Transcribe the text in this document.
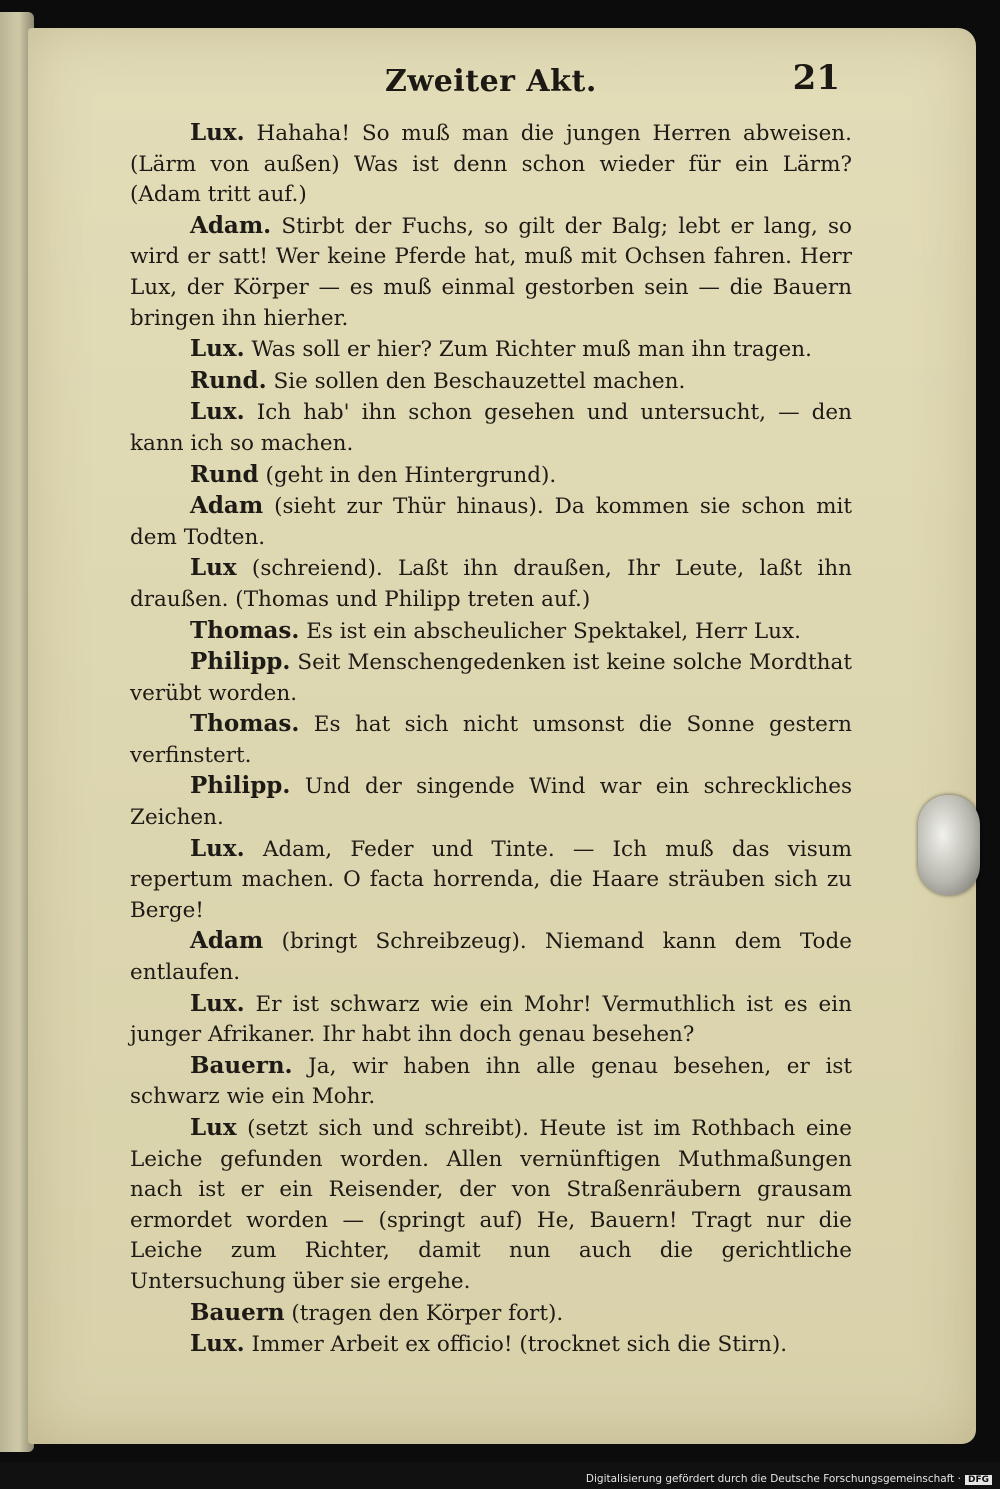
Zweiter Akt.	21

Lux. Hahaha! So muß man die jungen Herren abweisen. (Lärm von außen) Was ist denn schon wieder für ein Lärm? (Adam tritt auf.)

Adam. Stirbt der Fuchs, so gilt der Balg; lebt er lang, so wird er satt! Wer keine Pferde hat, muß mit Ochsen fahren. Herr Lux, der Körper — es muß einmal gestorben sein — die Bauern bringen ihn hierher.

Lux. Was soll er hier? Zum Richter muß man ihn tragen.

Rund. Sie sollen den Beschauzettel machen.

Lux. Ich hab' ihn schon gesehen und untersucht, — den kann ich so machen.

Rund (geht in den Hintergrund).

Adam (sieht zur Thür hinaus). Da kommen sie schon mit dem Todten.

Lux (schreiend). Laßt ihn draußen, Ihr Leute, laßt ihn draußen. (Thomas und Philipp treten auf.)

Thomas. Es ist ein abscheulicher Spektakel, Herr Lux.

Philipp. Seit Menschengedenken ist keine solche Mordthat verübt worden.

Thomas. Es hat sich nicht umsonst die Sonne gestern verfinstert.

Philipp. Und der singende Wind war ein schreckliches Zeichen.

Lux. Adam, Feder und Tinte. — Ich muß das visum repertum machen. O facta horrenda, die Haare sträuben sich zu Berge!

Adam (bringt Schreibzeug). Niemand kann dem Tode entlaufen.

Lux. Er ist schwarz wie ein Mohr! Vermuthlich ist es ein junger Afrikaner. Ihr habt ihn doch genau besehen?

Bauern. Ja, wir haben ihn alle genau besehen, er ist schwarz wie ein Mohr.

Lux (setzt sich und schreibt). Heute ist im Rothbach eine Leiche gefunden worden. Allen vernünftigen Muthmaßungen nach ist er ein Reisender, der von Straßenräubern grausam ermordet worden — (springt auf) He, Bauern! Tragt nur die Leiche zum Richter, damit nun auch die gerichtliche Untersuchung über sie ergehe.

Bauern (tragen den Körper fort).

Lux. Immer Arbeit ex officio! (trocknet sich die Stirn).

Digitalisierung gefördert durch die Deutsche Forschungsgemeinschaft · DFG
